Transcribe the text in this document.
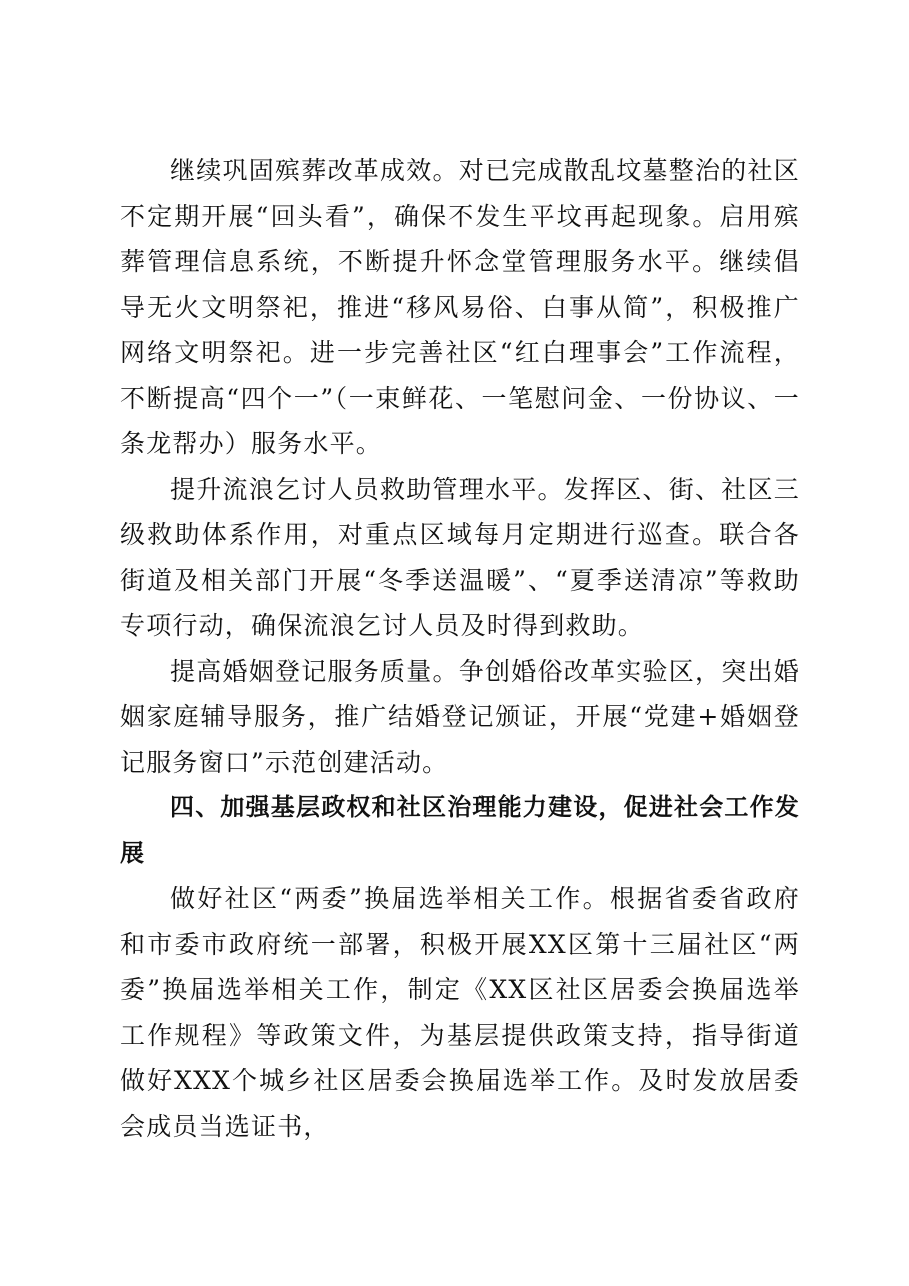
继续巩固殡葬改革成效。对已完成散乱坟墓整治的社区不定期开展“回头看”，确保不发生平坟再起现象。启用殡葬管理信息系统，不断提升怀念堂管理服务水平。继续倡导无火文明祭祀，推进“移风易俗、白事从简”，积极推广网络文明祭祀。进一步完善社区“红白理事会”工作流程，不断提高“四个一”（一束鲜花、一笔慰问金、一份协议、一条龙帮办）服务水平。

提升流浪乞讨人员救助管理水平。发挥区、街、社区三级救助体系作用，对重点区域每月定期进行巡查。联合各街道及相关部门开展“冬季送温暖”、“夏季送清凉”等救助专项行动，确保流浪乞讨人员及时得到救助。

提高婚姻登记服务质量。争创婚俗改革实验区，突出婚姻家庭辅导服务，推广结婚登记颁证，开展“党建+婚姻登记服务窗口”示范创建活动。

四、加强基层政权和社区治理能力建设，促进社会工作发展

做好社区“两委”换届选举相关工作。根据省委省政府和市委市政府统一部署，积极开展XX区第十三届社区“两委”换届选举相关工作，制定《XX区社区居委会换届选举工作规程》等政策文件，为基层提供政策支持，指导街道做好XXX个城乡社区居委会换届选举工作。及时发放居委会成员当选证书，
